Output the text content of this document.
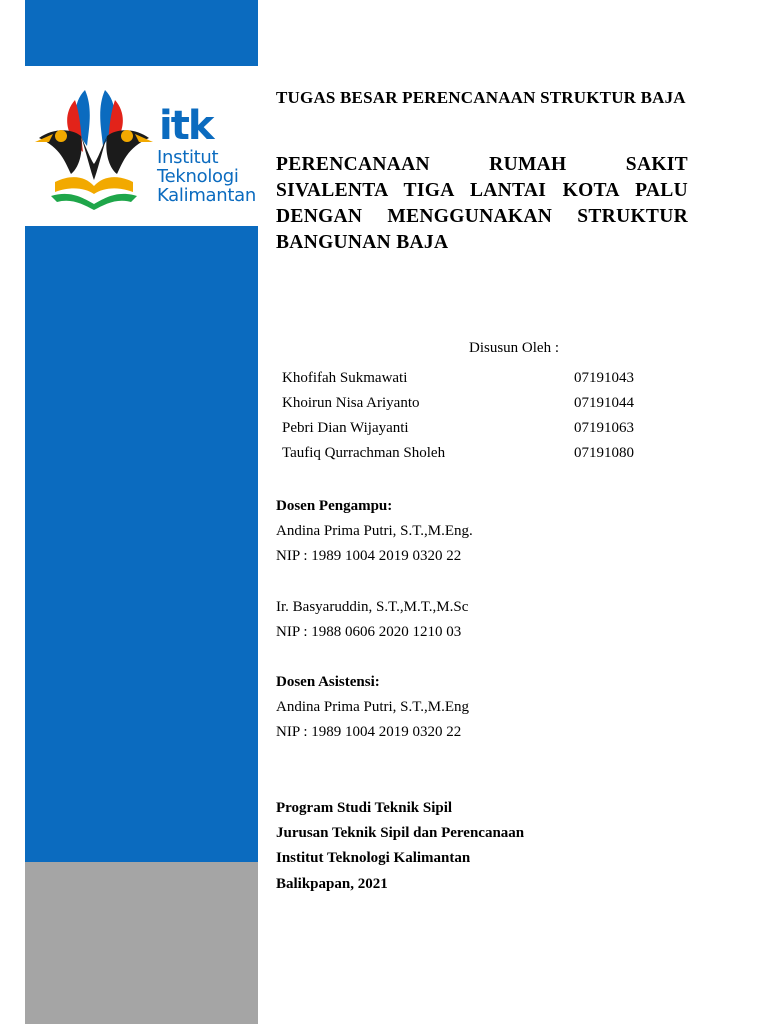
itk
Institut
Teknologi
Kalimantan
TUGAS BESAR PERENCANAAN STRUKTUR BAJA
PERENCANAAN RUMAH SAKIT SIVALENTA TIGA LANTAI KOTA PALU DENGAN MENGGUNAKAN STRUKTUR BANGUNAN BAJA
Disusun Oleh :
Khofifah Sukmawati	07191043
Khoirun Nisa Ariyanto	07191044
Pebri Dian Wijayanti	07191063
Taufiq Qurrachman Sholeh	07191080
Dosen Pengampu:
Andina Prima Putri, S.T.,M.Eng.
NIP : 1989 1004 2019 0320 22
Ir. Basyaruddin, S.T.,M.T.,M.Sc
NIP : 1988 0606 2020 1210 03
Dosen Asistensi:
Andina Prima Putri, S.T.,M.Eng
NIP : 1989 1004 2019 0320 22
Program Studi Teknik Sipil
Jurusan Teknik Sipil dan Perencanaan
Institut Teknologi Kalimantan
Balikpapan, 2021
